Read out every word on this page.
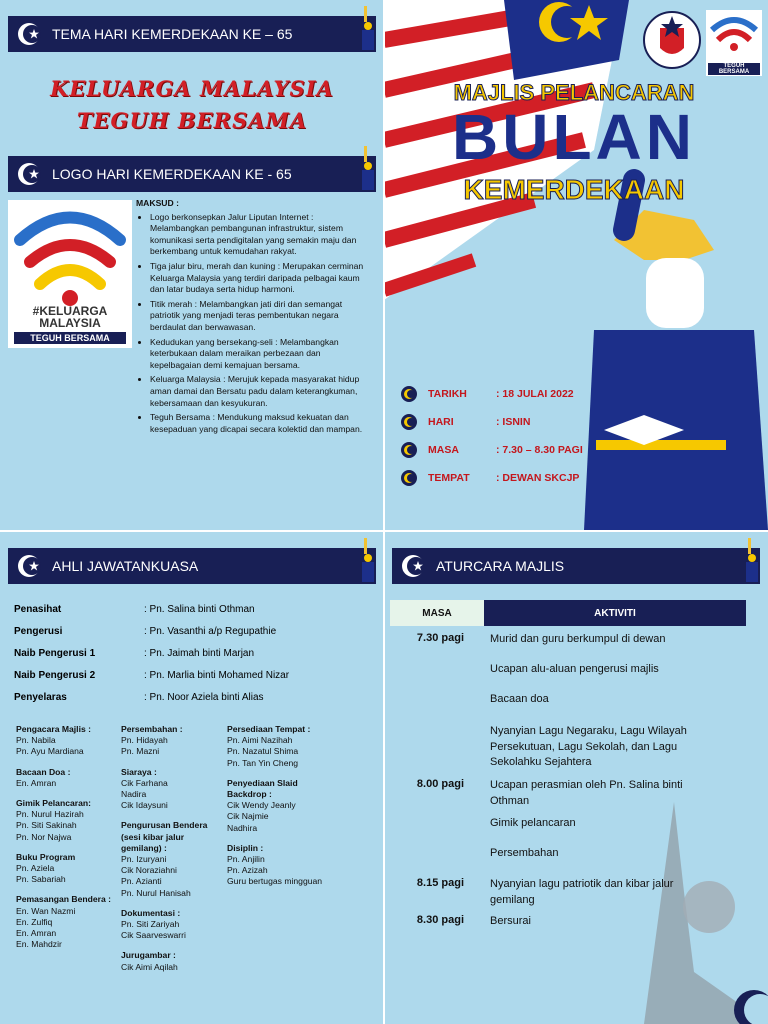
TEMA HARI KEMERDEKAAN KE – 65
KELUARGA MALAYSIA
TEGUH BERSAMA
LOGO HARI KEMERDEKAAN KE - 65
#KELUARGA
MALAYSIA
TEGUH BERSAMA
MAKSUD :
• Logo berkonsepkan Jalur Liputan Internet : Melambangkan pembangunan infrastruktur, sistem komunikasi serta pendigitalan yang semakin maju dan berkembang untuk kemudahan rakyat.
• Tiga jalur biru, merah dan kuning : Merupakan cerminan Keluarga Malaysia yang terdiri daripada pelbagai kaum dan latar budaya serta hidup harmoni.
• Titik merah : Melambangkan jati diri dan semangat patriotik yang menjadi teras pembentukan negara berdaulat dan berwawasan.
• Kedudukan yang bersekang-seli : Melambangkan keterbukaan dalam meraikan perbezaan dan kepelbagaian demi kemajuan bersama.
• Keluarga Malaysia : Merujuk kepada masyarakat hidup aman damai dan Bersatu padu dalam keterangkuman, kebersamaan dan kesyukuran.
• Teguh Bersama : Mendukung maksud kekuatan dan kesepaduan yang dicapai secara kolektid dan mampan.
TEGUH BERSAMA
MAJLIS PELANCARAN
BULAN
KEMERDEKAAN
TARIKH	: 18 JULAI 2022
HARI	: ISNIN
MASA	: 7.30 – 8.30 PAGI
TEMPAT	: DEWAN SKCJP
AHLI JAWATANKUASA
Penasihat	: Pn. Salina binti Othman
Pengerusi	: Pn. Vasanthi a/p Regupathie
Naib Pengerusi 1	: Pn. Jaimah binti Marjan
Naib Pengerusi 2	: Pn. Marlia binti Mohamed Nizar
Penyelaras	: Pn. Noor Aziela binti Alias
Pengacara Majlis :
Pn. Nabila
Pn. Ayu Mardiana
Bacaan Doa :
En. Amran
Gimik Pelancaran:
Pn. Nurul Hazirah
Pn. Siti Sakinah
Pn. Nor Najwa
Buku Program
Pn. Aziela
Pn. Sabariah
Pemasangan Bendera :
En. Wan Nazmi
En. Zulfiq
En. Amran
En. Mahdzir
Persembahan :
Pn. Hidayah
Pn. Mazni
Siaraya :
Cik Farhana
Nadira
Cik Idaysuni
Pengurusan Bendera (sesi kibar jalur gemilang) :
Pn. Izuryani
Cik Noraziahni
Pn. Azianti
Pn. Nurul Hanisah
Dokumentasi :
Pn. Siti Zariyah
Cik Saarveswarri
Jurugambar :
Cik Aimi Aqilah
Persediaan Tempat :
Pn. Aimi Nazihah
Pn. Nazatul Shima
Pn. Tan Yin Cheng
Penyediaan Slaid Backdrop :
Cik Wendy Jeanly
Cik Najmie
Nadhira
Disiplin :
Pn. Anjilin
Pn. Azizah
Guru bertugas mingguan
ATURCARA MAJLIS
MASA	AKTIVITI
7.30 pagi Murid dan guru berkumpul di dewan
Ucapan alu-aluan pengerusi majlis
Bacaan doa
Nyanyian Lagu Negaraku, Lagu Wilayah Persekutuan, Lagu Sekolah, dan Lagu Sekolahku Sejahtera
8.00 pagi Ucapan perasmian oleh Pn. Salina binti Othman
Gimik pelancaran
Persembahan
8.15 pagi Nyanyian lagu patriotik dan kibar jalur gemilang
8.30 pagi Bersurai
